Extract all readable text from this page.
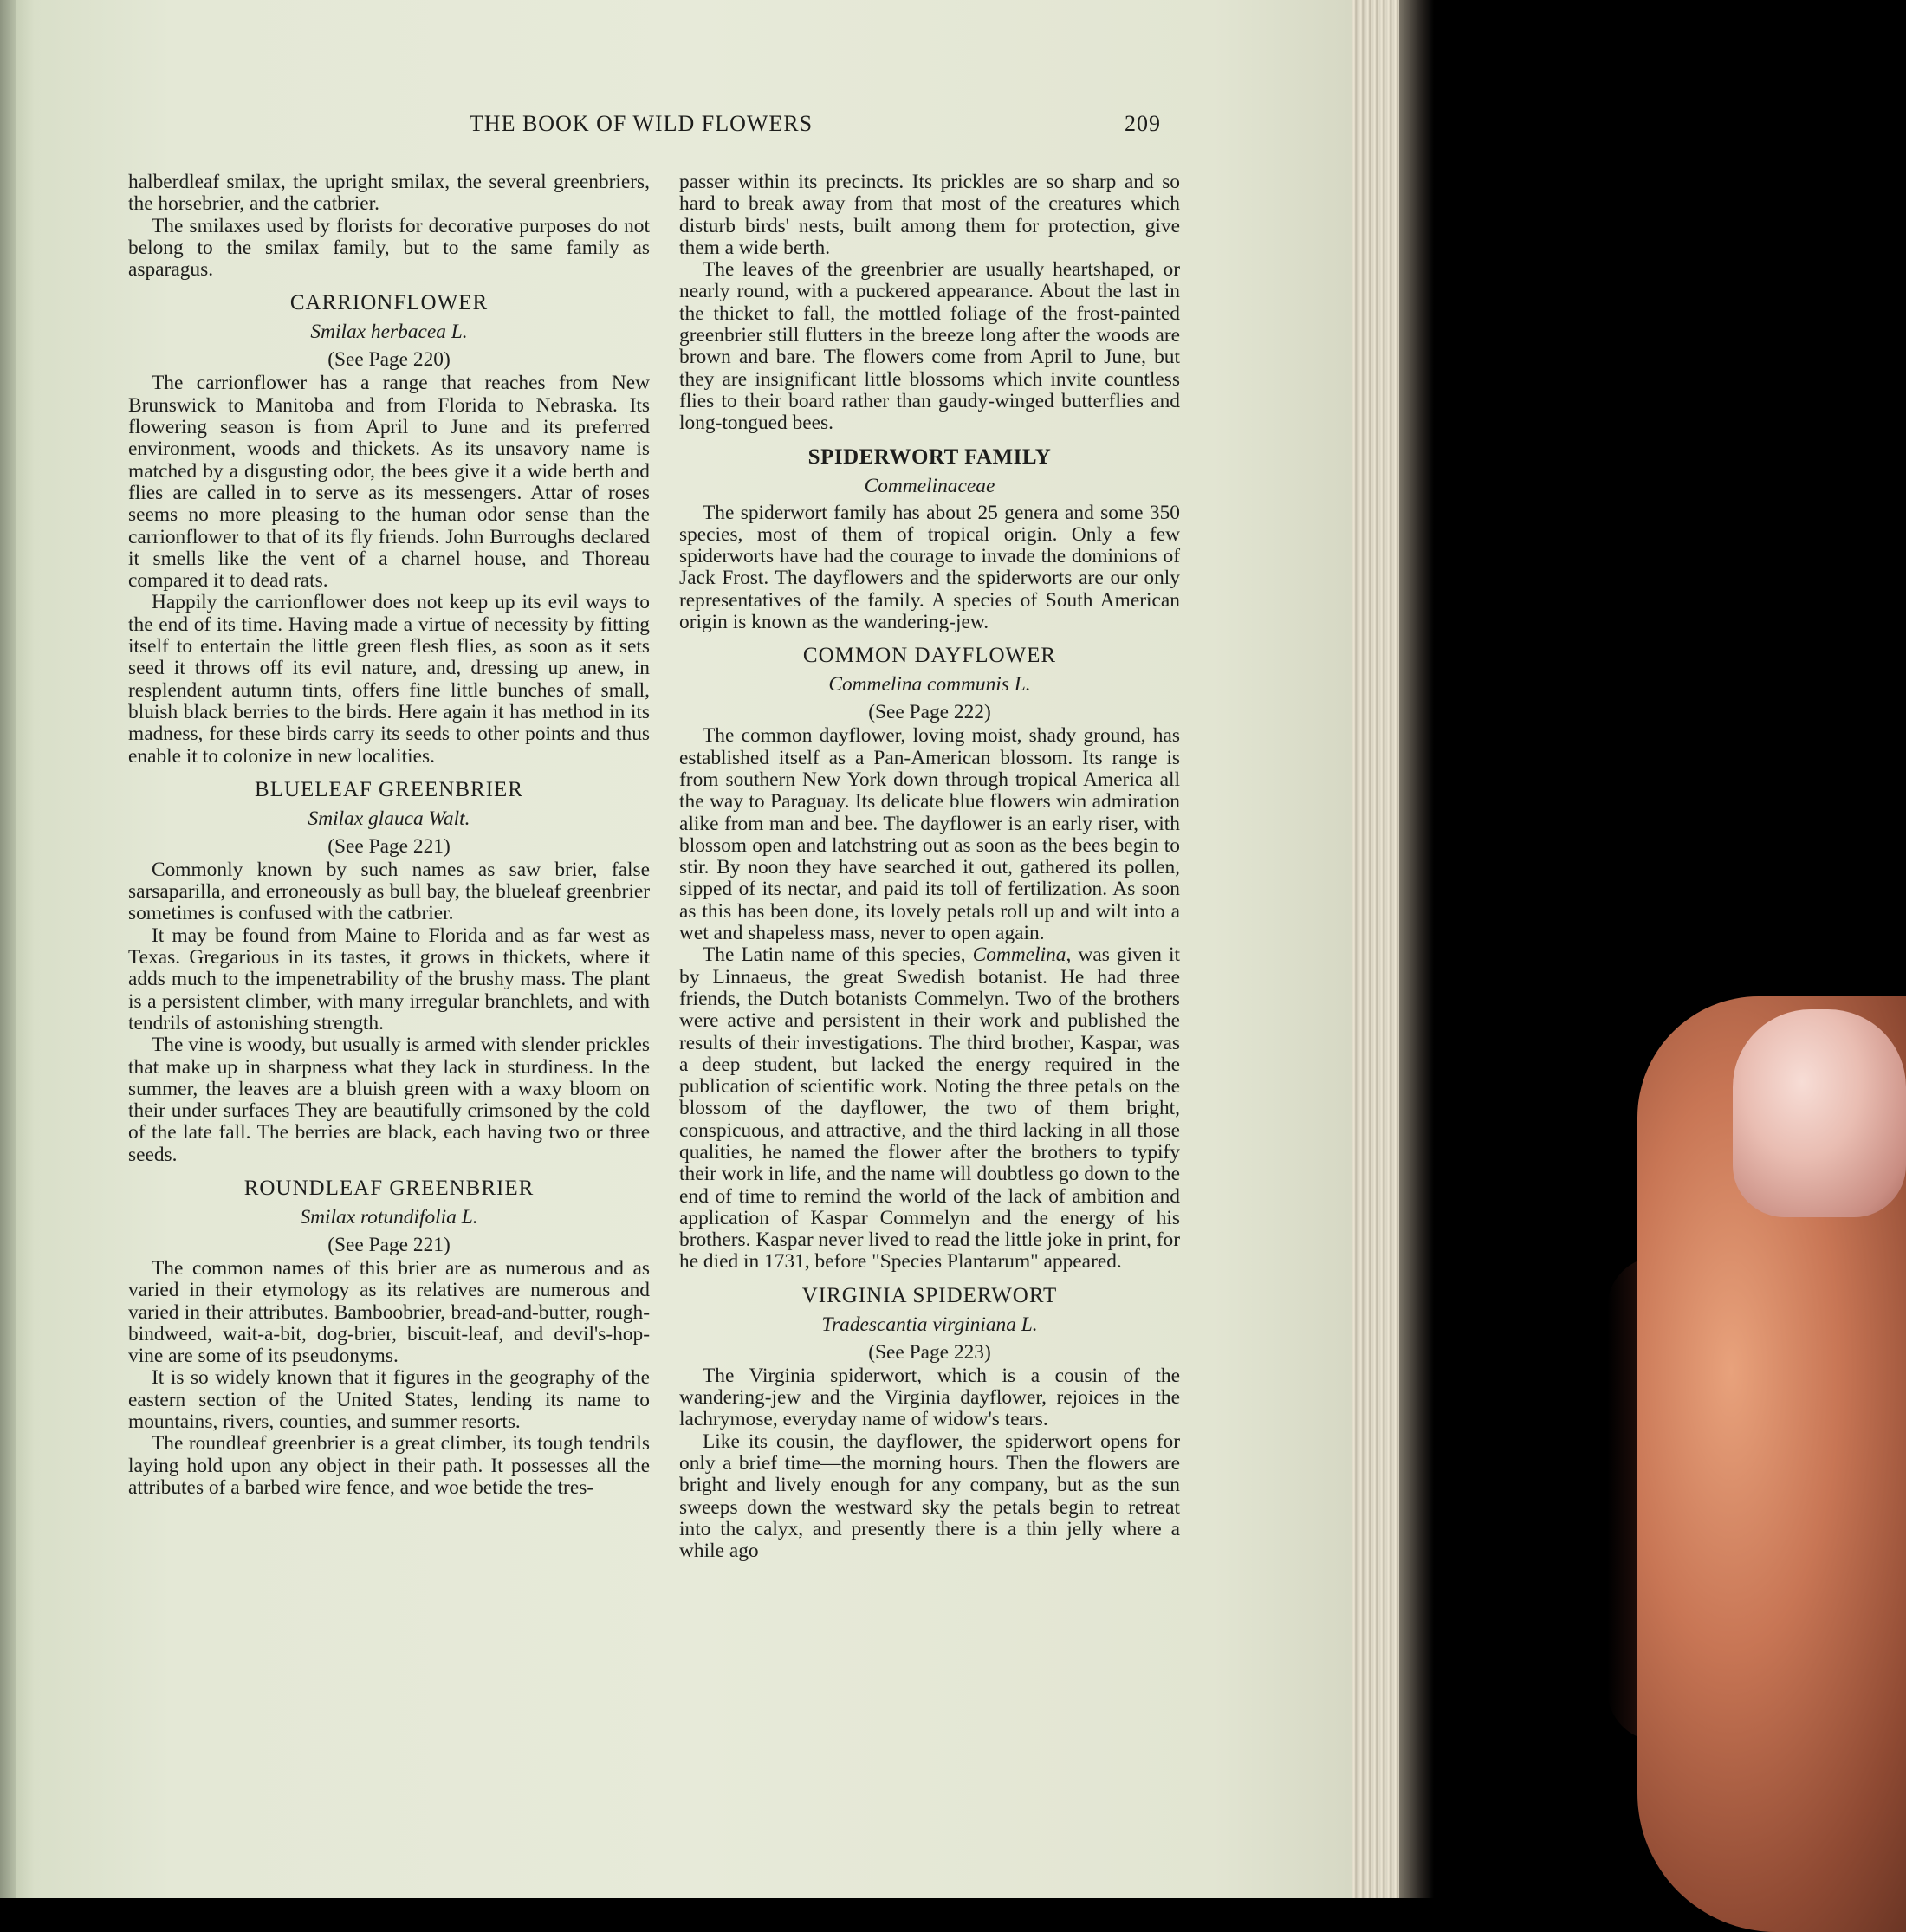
THE BOOK OF WILD FLOWERS	209

halberdleaf smilax, the upright smilax, the several greenbriers, the horsebrier, and the catbrier.

The smilaxes used by florists for decorative purposes do not belong to the smilax family, but to the same family as asparagus.

CARRIONFLOWER
Smilax herbacea L.
(See Page 220)

The carrionflower has a range that reaches from New Brunswick to Manitoba and from Florida to Nebraska. Its flowering season is from April to June and its preferred environment, woods and thickets. As its unsavory name is matched by a disgusting odor, the bees give it a wide berth and flies are called in to serve as its messengers. Attar of roses seems no more pleasing to the human odor sense than the carrionflower to that of its fly friends. John Burroughs declared it smells like the vent of a charnel house, and Thoreau compared it to dead rats.

Happily the carrionflower does not keep up its evil ways to the end of its time. Having made a virtue of necessity by fitting itself to entertain the little green flesh flies, as soon as it sets seed it throws off its evil nature, and, dressing up anew, in resplendent autumn tints, offers fine little bunches of small, bluish black berries to the birds. Here again it has method in its madness, for these birds carry its seeds to other points and thus enable it to colonize in new localities.

BLUELEAF GREENBRIER
Smilax glauca Walt.
(See Page 221)

Commonly known by such names as saw brier, false sarsaparilla, and erroneously as bull bay, the blueleaf greenbrier sometimes is confused with the catbrier.

It may be found from Maine to Florida and as far west as Texas. Gregarious in its tastes, it grows in thickets, where it adds much to the impenetrability of the brushy mass. The plant is a persistent climber, with many irregular branchlets, and with tendrils of astonishing strength.

The vine is woody, but usually is armed with slender prickles that make up in sharpness what they lack in sturdiness. In the summer, the leaves are a bluish green with a waxy bloom on their under surfaces They are beautifully crimsoned by the cold of the late fall. The berries are black, each having two or three seeds.

ROUNDLEAF GREENBRIER
Smilax rotundifolia L.
(See Page 221)

The common names of this brier are as numerous and as varied in their etymology as its relatives are numerous and varied in their attributes. Bamboobrier, bread-and-butter, rough-bindweed, wait-a-bit, dog-brier, biscuit-leaf, and devil's-hop-vine are some of its pseudonyms.

It is so widely known that it figures in the geography of the eastern section of the United States, lending its name to mountains, rivers, counties, and summer resorts.

The roundleaf greenbrier is a great climber, its tough tendrils laying hold upon any object in their path. It possesses all the attributes of a barbed wire fence, and woe betide the tres-

passer within its precincts. Its prickles are so sharp and so hard to break away from that most of the creatures which disturb birds' nests, built among them for protection, give them a wide berth.

The leaves of the greenbrier are usually heartshaped, or nearly round, with a puckered appearance. About the last in the thicket to fall, the mottled foliage of the frost-painted greenbrier still flutters in the breeze long after the woods are brown and bare. The flowers come from April to June, but they are insignificant little blossoms which invite countless flies to their board rather than gaudy-winged butterflies and long-tongued bees.

SPIDERWORT FAMILY
Commelinaceae

The spiderwort family has about 25 genera and some 350 species, most of them of tropical origin. Only a few spiderworts have had the courage to invade the dominions of Jack Frost. The dayflowers and the spiderworts are our only representatives of the family. A species of South American origin is known as the wandering-jew.

COMMON DAYFLOWER
Commelina communis L.
(See Page 222)

The common dayflower, loving moist, shady ground, has established itself as a Pan-American blossom. Its range is from southern New York down through tropical America all the way to Paraguay. Its delicate blue flowers win admiration alike from man and bee. The dayflower is an early riser, with blossom open and latchstring out as soon as the bees begin to stir. By noon they have searched it out, gathered its pollen, sipped of its nectar, and paid its toll of fertilization. As soon as this has been done, its lovely petals roll up and wilt into a wet and shapeless mass, never to open again.

The Latin name of this species, Commelina, was given it by Linnaeus, the great Swedish botanist. He had three friends, the Dutch botanists Commelyn. Two of the brothers were active and persistent in their work and published the results of their investigations. The third brother, Kaspar, was a deep student, but lacked the energy required in the publication of scientific work. Noting the three petals on the blossom of the dayflower, the two of them bright, conspicuous, and attractive, and the third lacking in all those qualities, he named the flower after the brothers to typify their work in life, and the name will doubtless go down to the end of time to remind the world of the lack of ambition and application of Kaspar Commelyn and the energy of his brothers. Kaspar never lived to read the little joke in print, for he died in 1731, before "Species Plantarum" appeared.

VIRGINIA SPIDERWORT
Tradescantia virginiana L.
(See Page 223)

The Virginia spiderwort, which is a cousin of the wandering-jew and the Virginia dayflower, rejoices in the lachrymose, everyday name of widow's tears.

Like its cousin, the dayflower, the spiderwort opens for only a brief time—the morning hours. Then the flowers are bright and lively enough for any company, but as the sun sweeps down the westward sky the petals begin to retreat into the calyx, and presently there is a thin jelly where a while ago
